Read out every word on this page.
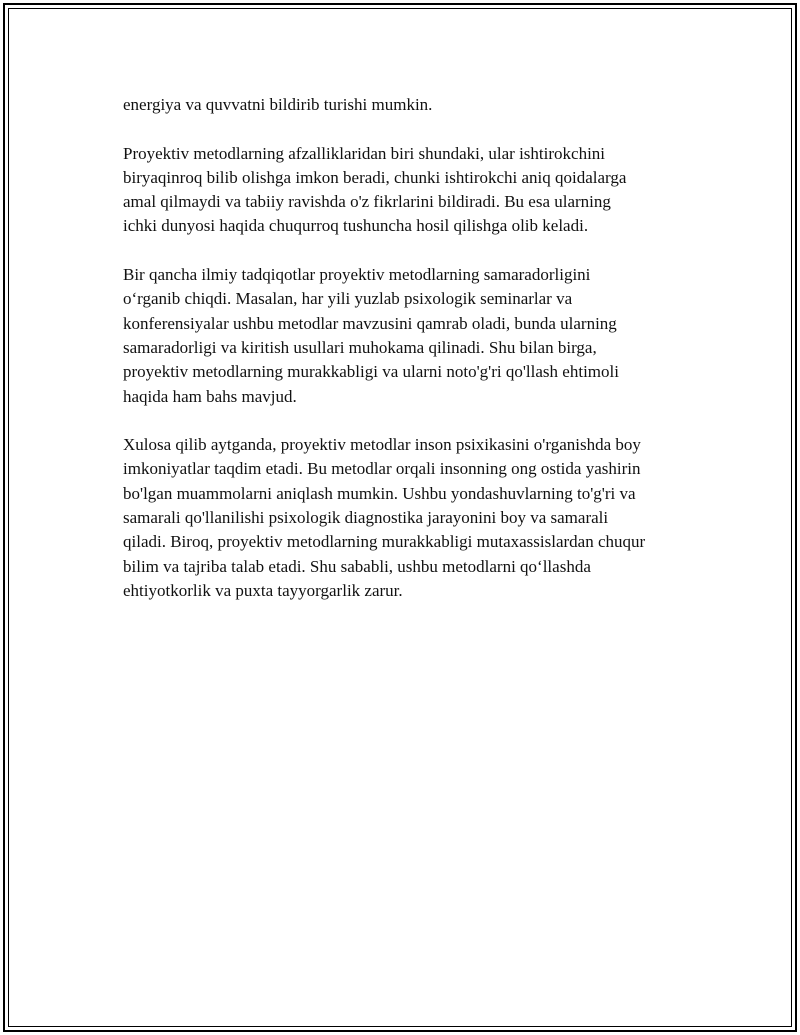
energiya va quvvatni bildirib turishi mumkin.
Proyektiv metodlarning afzalliklaridan biri shundaki, ular ishtirokchini
biryaqinroq bilib olishga imkon beradi, chunki ishtirokchi aniq qoidalarga
amal qilmaydi va tabiiy ravishda o'z fikrlarini bildiradi. Bu esa ularning
ichki dunyosi haqida chuqurroq tushuncha hosil qilishga olib keladi.
Bir qancha ilmiy tadqiqotlar proyektiv metodlarning samaradorligini
o‘rganib chiqdi. Masalan, har yili yuzlab psixologik seminarlar va
konferensiyalar ushbu metodlar mavzusini qamrab oladi, bunda ularning
samaradorligi va kiritish usullari muhokama qilinadi. Shu bilan birga,
proyektiv metodlarning murakkabligi va ularni noto'g'ri qo'llash ehtimoli
haqida ham bahs mavjud.
Xulosa qilib aytganda, proyektiv metodlar inson psixikasini o'rganishda boy
imkoniyatlar taqdim etadi. Bu metodlar orqali insonning ong ostida yashirin
bo'lgan muammolarni aniqlash mumkin. Ushbu yondashuvlarning to'g'ri va
samarali qo'llanilishi psixologik diagnostika jarayonini boy va samarali
qiladi. Biroq, proyektiv metodlarning murakkabligi mutaxassislardan chuqur
bilim va tajriba talab etadi. Shu sababli, ushbu metodlarni qo‘llashda
ehtiyotkorlik va puxta tayyorgarlik zarur.
